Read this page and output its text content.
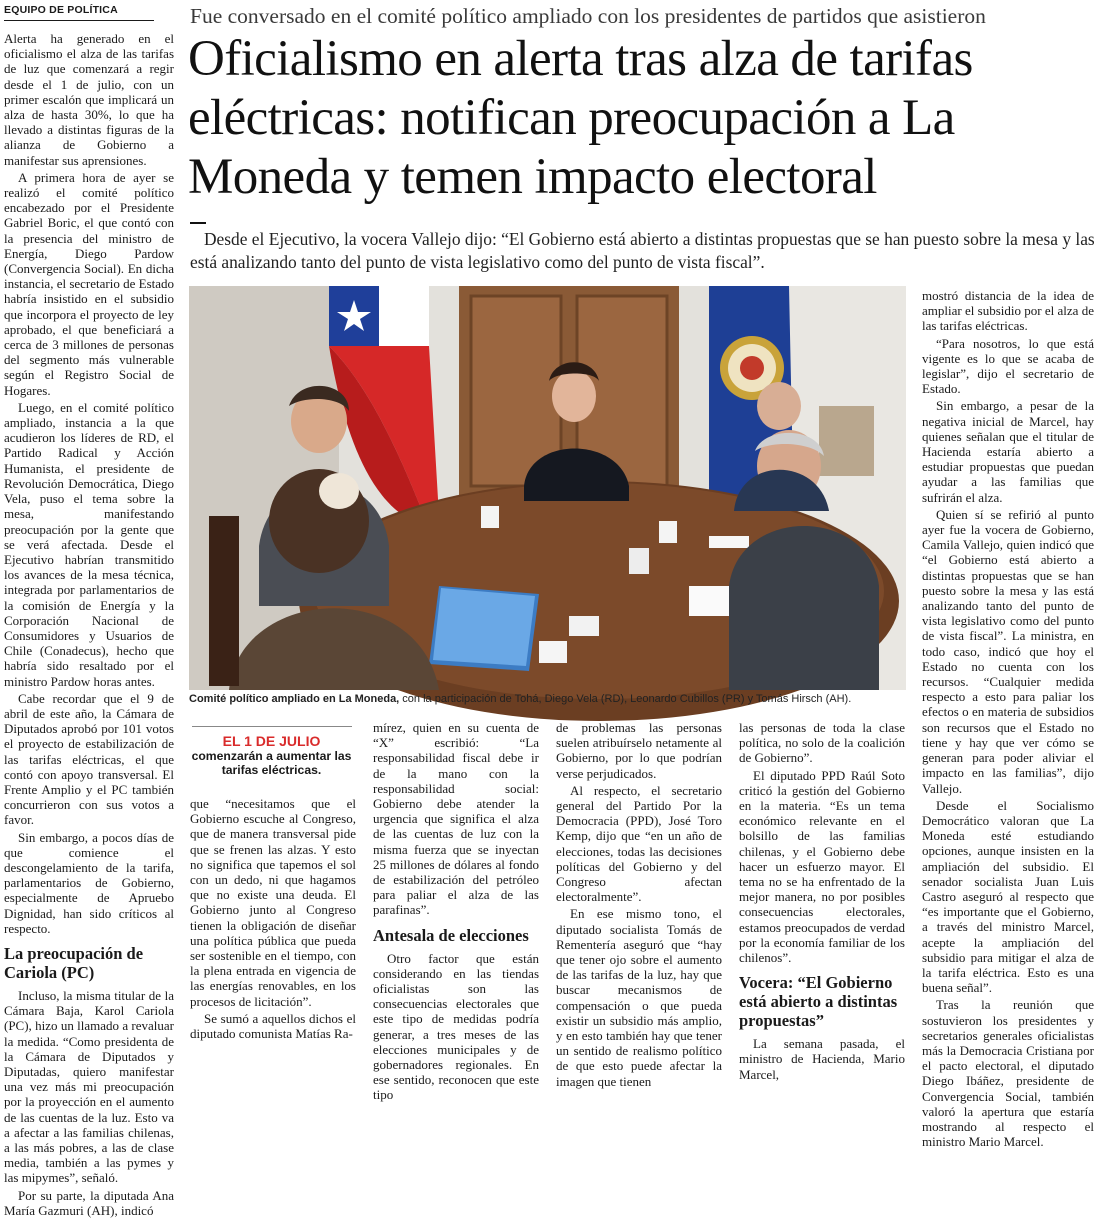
EQUIPO DE POLÍTICA

Alerta ha generado en el oficialismo el alza de las tarifas de luz que comenzará a regir desde el 1 de julio, con un primer escalón que implicará un alza de hasta 30%, lo que ha llevado a distintas figuras de la alianza de Gobierno a manifestar sus aprensiones.

A primera hora de ayer se realizó el comité político encabezado por el Presidente Gabriel Boric, el que contó con la presencia del ministro de Energía, Diego Pardow (Convergencia Social). En dicha instancia, el secretario de Estado habría insistido en el subsidio que incorpora el proyecto de ley aprobado, el que beneficiará a cerca de 3 millones de personas del segmento más vulnerable según el Registro Social de Hogares.

Luego, en el comité político ampliado, instancia a la que acudieron los líderes de RD, el Partido Radical y Acción Humanista, el presidente de Revolución Democrática, Diego Vela, puso el tema sobre la mesa, manifestando preocupación por la gente que se verá afectada. Desde el Ejecutivo habrían transmitido los avances de la mesa técnica, integrada por parlamentarios de la comisión de Energía y la Corporación Nacional de Consumidores y Usuarios de Chile (Conadecus), hecho que habría sido resaltado por el ministro Pardow horas antes.

Cabe recordar que el 9 de abril de este año, la Cámara de Diputados aprobó por 101 votos el proyecto de estabilización de las tarifas eléctricas, el que contó con apoyo transversal. El Frente Amplio y el PC también concurrieron con sus votos a favor.

Sin embargo, a pocos días de que comience el descongelamiento de la tarifa, parlamentarios de Gobierno, especialmente de Apruebo Dignidad, han sido críticos al respecto.

La preocupación de Cariola (PC)

Incluso, la misma titular de la Cámara Baja, Karol Cariola (PC), hizo un llamado a revaluar la medida. “Como presidenta de la Cámara de Diputados y Diputadas, quiero manifestar una vez más mi preocupación por la proyección en el aumento de las cuentas de la luz. Esto va a afectar a las familias chilenas, a las más pobres, a las de clase media, también a las pymes y las mipymes”, señaló.

Por su parte, la diputada Ana María Gazmuri (AH), indicó

Fue conversado en el comité político ampliado con los presidentes de partidos que asistieron
Oficialismo en alerta tras alza de tarifas eléctricas: notifican preocupación a La Moneda y temen impacto electoral
Desde el Ejecutivo, la vocera Vallejo dijo: “El Gobierno está abierto a distintas propuestas que se han puesto sobre la mesa y las está analizando tanto del punto de vista legislativo como del punto de vista fiscal”.
Comité político ampliado en La Moneda, con la participación de Tohá, Diego Vela (RD), Leonardo Cubillos (PR) y Tomás Hirsch (AH).
EL 1 DE JULIO
comenzarán a aumentar las tarifas eléctricas.

que “necesitamos que el Gobierno escuche al Congreso, que de manera transversal pide que se frenen las alzas. Y esto no significa que tapemos el sol con un dedo, ni que hagamos que no existe una deuda. El Gobierno junto al Congreso tienen la obligación de diseñar una política pública que pueda ser sostenible en el tiempo, con la plena entrada en vigencia de las energías renovables, en los procesos de licitación”.

Se sumó a aquellos dichos el diputado comunista Matías Ra-

mírez, quien en su cuenta de “X” escribió: “La responsabilidad fiscal debe ir de la mano con la responsabilidad social: Gobierno debe atender la urgencia que significa el alza de las cuentas de luz con la misma fuerza que se inyectan 25 millones de dólares al fondo de estabilización del petróleo para paliar el alza de las parafinas”.

Antesala de elecciones

Otro factor que están considerando en las tiendas oficialistas son las consecuencias electorales que este tipo de medidas podría generar, a tres meses de las elecciones municipales y de gobernadores regionales. En ese sentido, reconocen que este tipo

de problemas las personas suelen atribuírselo netamente al Gobierno, por lo que podrían verse perjudicados.

Al respecto, el secretario general del Partido Por la Democracia (PPD), José Toro Kemp, dijo que “en un año de elecciones, todas las decisiones políticas del Gobierno y del Congreso afectan electoralmente”.

En ese mismo tono, el diputado socialista Tomás de Rementería aseguró que “hay que tener ojo sobre el aumento de las tarifas de la luz, hay que buscar mecanismos de compensación o que pueda existir un subsidio más amplio, y en esto también hay que tener un sentido de realismo político de que esto puede afectar la imagen que tienen

las personas de toda la clase política, no solo de la coalición de Gobierno”.

El diputado PPD Raúl Soto criticó la gestión del Gobierno en la materia. “Es un tema económico relevante en el bolsillo de las familias chilenas, y el Gobierno debe hacer un esfuerzo mayor. El tema no se ha enfrentado de la mejor manera, no por posibles consecuencias electorales, estamos preocupados de verdad por la economía familiar de los chilenos”.

Vocera: “El Gobierno está abierto a distintas propuestas”

La semana pasada, el ministro de Hacienda, Mario Marcel,

mostró distancia de la idea de ampliar el subsidio por el alza de las tarifas eléctricas.

“Para nosotros, lo que está vigente es lo que se acaba de legislar”, dijo el secretario de Estado.

Sin embargo, a pesar de la negativa inicial de Marcel, hay quienes señalan que el titular de Hacienda estaría abierto a estudiar propuestas que puedan ayudar a las familias que sufrirán el alza.

Quien sí se refirió al punto ayer fue la vocera de Gobierno, Camila Vallejo, quien indicó que “el Gobierno está abierto a distintas propuestas que se han puesto sobre la mesa y las está analizando tanto del punto de vista legislativo como del punto de vista fiscal”. La ministra, en todo caso, indicó que hoy el Estado no cuenta con los recursos. “Cualquier medida respecto a esto para paliar los efectos o en materia de subsidios son recursos que el Estado no tiene y hay que ver cómo se generan para poder aliviar el impacto en las familias”, dijo Vallejo.

Desde el Socialismo Democrático valoran que La Moneda esté estudiando opciones, aunque insisten en la ampliación del subsidio. El senador socialista Juan Luis Castro aseguró al respecto que “es importante que el Gobierno, a través del ministro Marcel, acepte la ampliación del subsidio para mitigar el alza de la tarifa eléctrica. Esto es una buena señal”.

Tras la reunión que sostuvieron los presidentes y secretarios generales oficialistas más la Democracia Cristiana por el pacto electoral, el diputado Diego Ibáñez, presidente de Convergencia Social, también valoró la apertura que estaría mostrando al respecto el ministro Mario Marcel.
